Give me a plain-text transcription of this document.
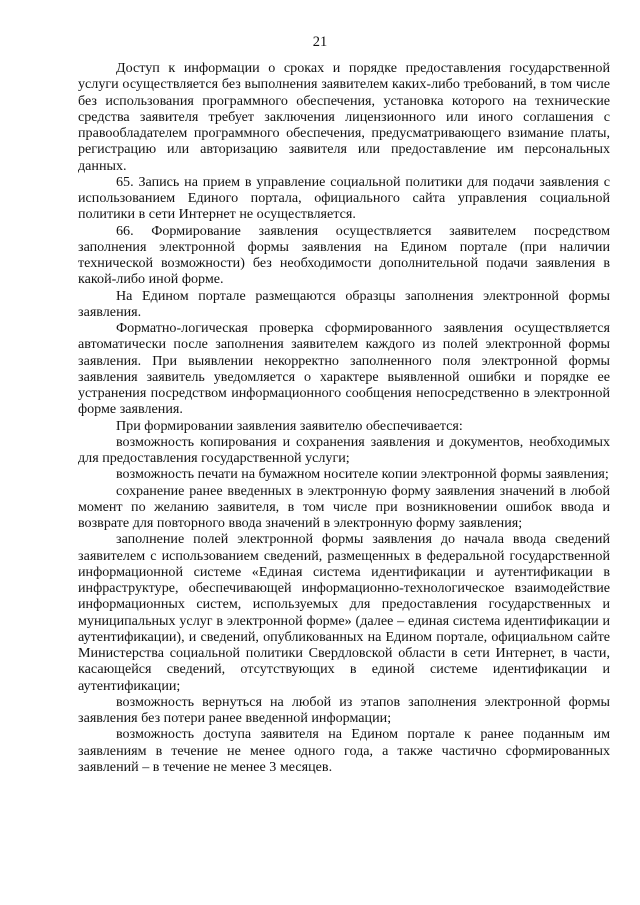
21

Доступ к информации о сроках и порядке предоставления государственной услуги осуществляется без выполнения заявителем каких-либо требований, в том числе без использования программного обеспечения, установка которого на технические средства заявителя требует заключения лицензионного или иного соглашения с правообладателем программного обеспечения, предусматривающего взимание платы, регистрацию или авторизацию заявителя или предоставление им персональных данных.

65. Запись на прием в управление социальной политики для подачи заявления с использованием Единого портала, официального сайта управления социальной политики в сети Интернет не осуществляется.

66. Формирование заявления осуществляется заявителем посредством заполнения электронной формы заявления на Едином портале (при наличии технической возможности) без необходимости дополнительной подачи заявления в какой-либо иной форме.

На Едином портале размещаются образцы заполнения электронной формы заявления.

Форматно-логическая проверка сформированного заявления осуществляется автоматически после заполнения заявителем каждого из полей электронной формы заявления. При выявлении некорректно заполненного поля электронной формы заявления заявитель уведомляется о характере выявленной ошибки и порядке ее устранения посредством информационного сообщения непосредственно в электронной форме заявления.

При формировании заявления заявителю обеспечивается:

возможность копирования и сохранения заявления и документов, необходимых для предоставления государственной услуги;

возможность печати на бумажном носителе копии электронной формы заявления;

сохранение ранее введенных в электронную форму заявления значений в любой момент по желанию заявителя, в том числе при возникновении ошибок ввода и возврате для повторного ввода значений в электронную форму заявления;

заполнение полей электронной формы заявления до начала ввода сведений заявителем с использованием сведений, размещенных в федеральной государственной информационной системе «Единая система идентификации и аутентификации в инфраструктуре, обеспечивающей информационно-технологическое взаимодействие информационных систем, используемых для предоставления государственных и муниципальных услуг в электронной форме» (далее – единая система идентификации и аутентификации), и сведений, опубликованных на Едином портале, официальном сайте Министерства социальной политики Свердловской области в сети Интернет, в части, касающейся сведений, отсутствующих в единой системе идентификации и аутентификации;

возможность вернуться на любой из этапов заполнения электронной формы заявления без потери ранее введенной информации;

возможность доступа заявителя на Едином портале к ранее поданным им заявлениям в течение не менее одного года, а также частично сформированных заявлений – в течение не менее 3 месяцев.
